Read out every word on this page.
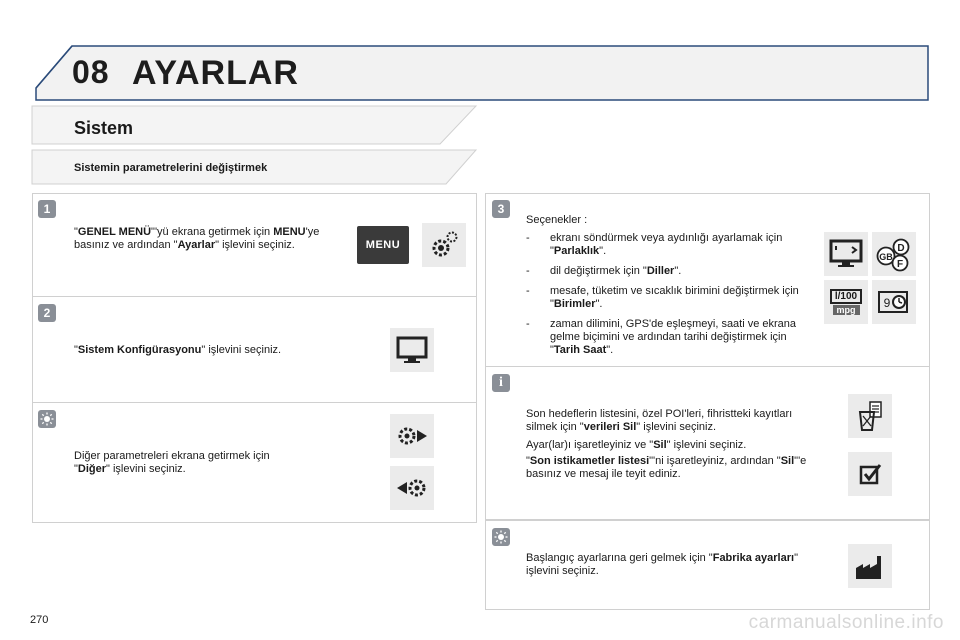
08 AYARLAR
Sistem
Sistemin parametrelerini değiştirmek
1
"GENEL MENÜ"'yü ekrana getirmek için MENU'ye basınız ve ardından "Ayarlar" işlevini seçiniz.	MENU
2
"Sistem Konfigürasyonu" işlevini seçiniz.
Diğer parametreleri ekrana getirmek için
"Diğer" işlevini seçiniz.
3
Seçenekler :
- ekranı söndürmek veya aydınlığı ayarlamak için "Parlaklık".
- dil değiştirmek için "Diller".
- mesafe, tüketim ve sıcaklık birimini değiştirmek için "Birimler".
- zaman dilimini, GPS'de eşleşmeyi, saati ve ekrana gelme biçimini ve ardından tarihi değiştirmek için "Tarih Saat".
D
GB
F
l/100
mpg	9
i
Son hedeflerin listesini, özel POI'leri, fihristteki kayıtları silmek için "verileri Sil" işlevini seçiniz.
Ayar(lar)ı işaretleyiniz ve "Sil" işlevini seçiniz.
"Son istikametler listesi"'ni işaretleyiniz, ardından "Sil"'e basınız ve mesaj ile teyit ediniz.
Başlangıç ayarlarına geri gelmek için "Fabrika ayarları" işlevini seçiniz.
270	carmanualsonline.info
